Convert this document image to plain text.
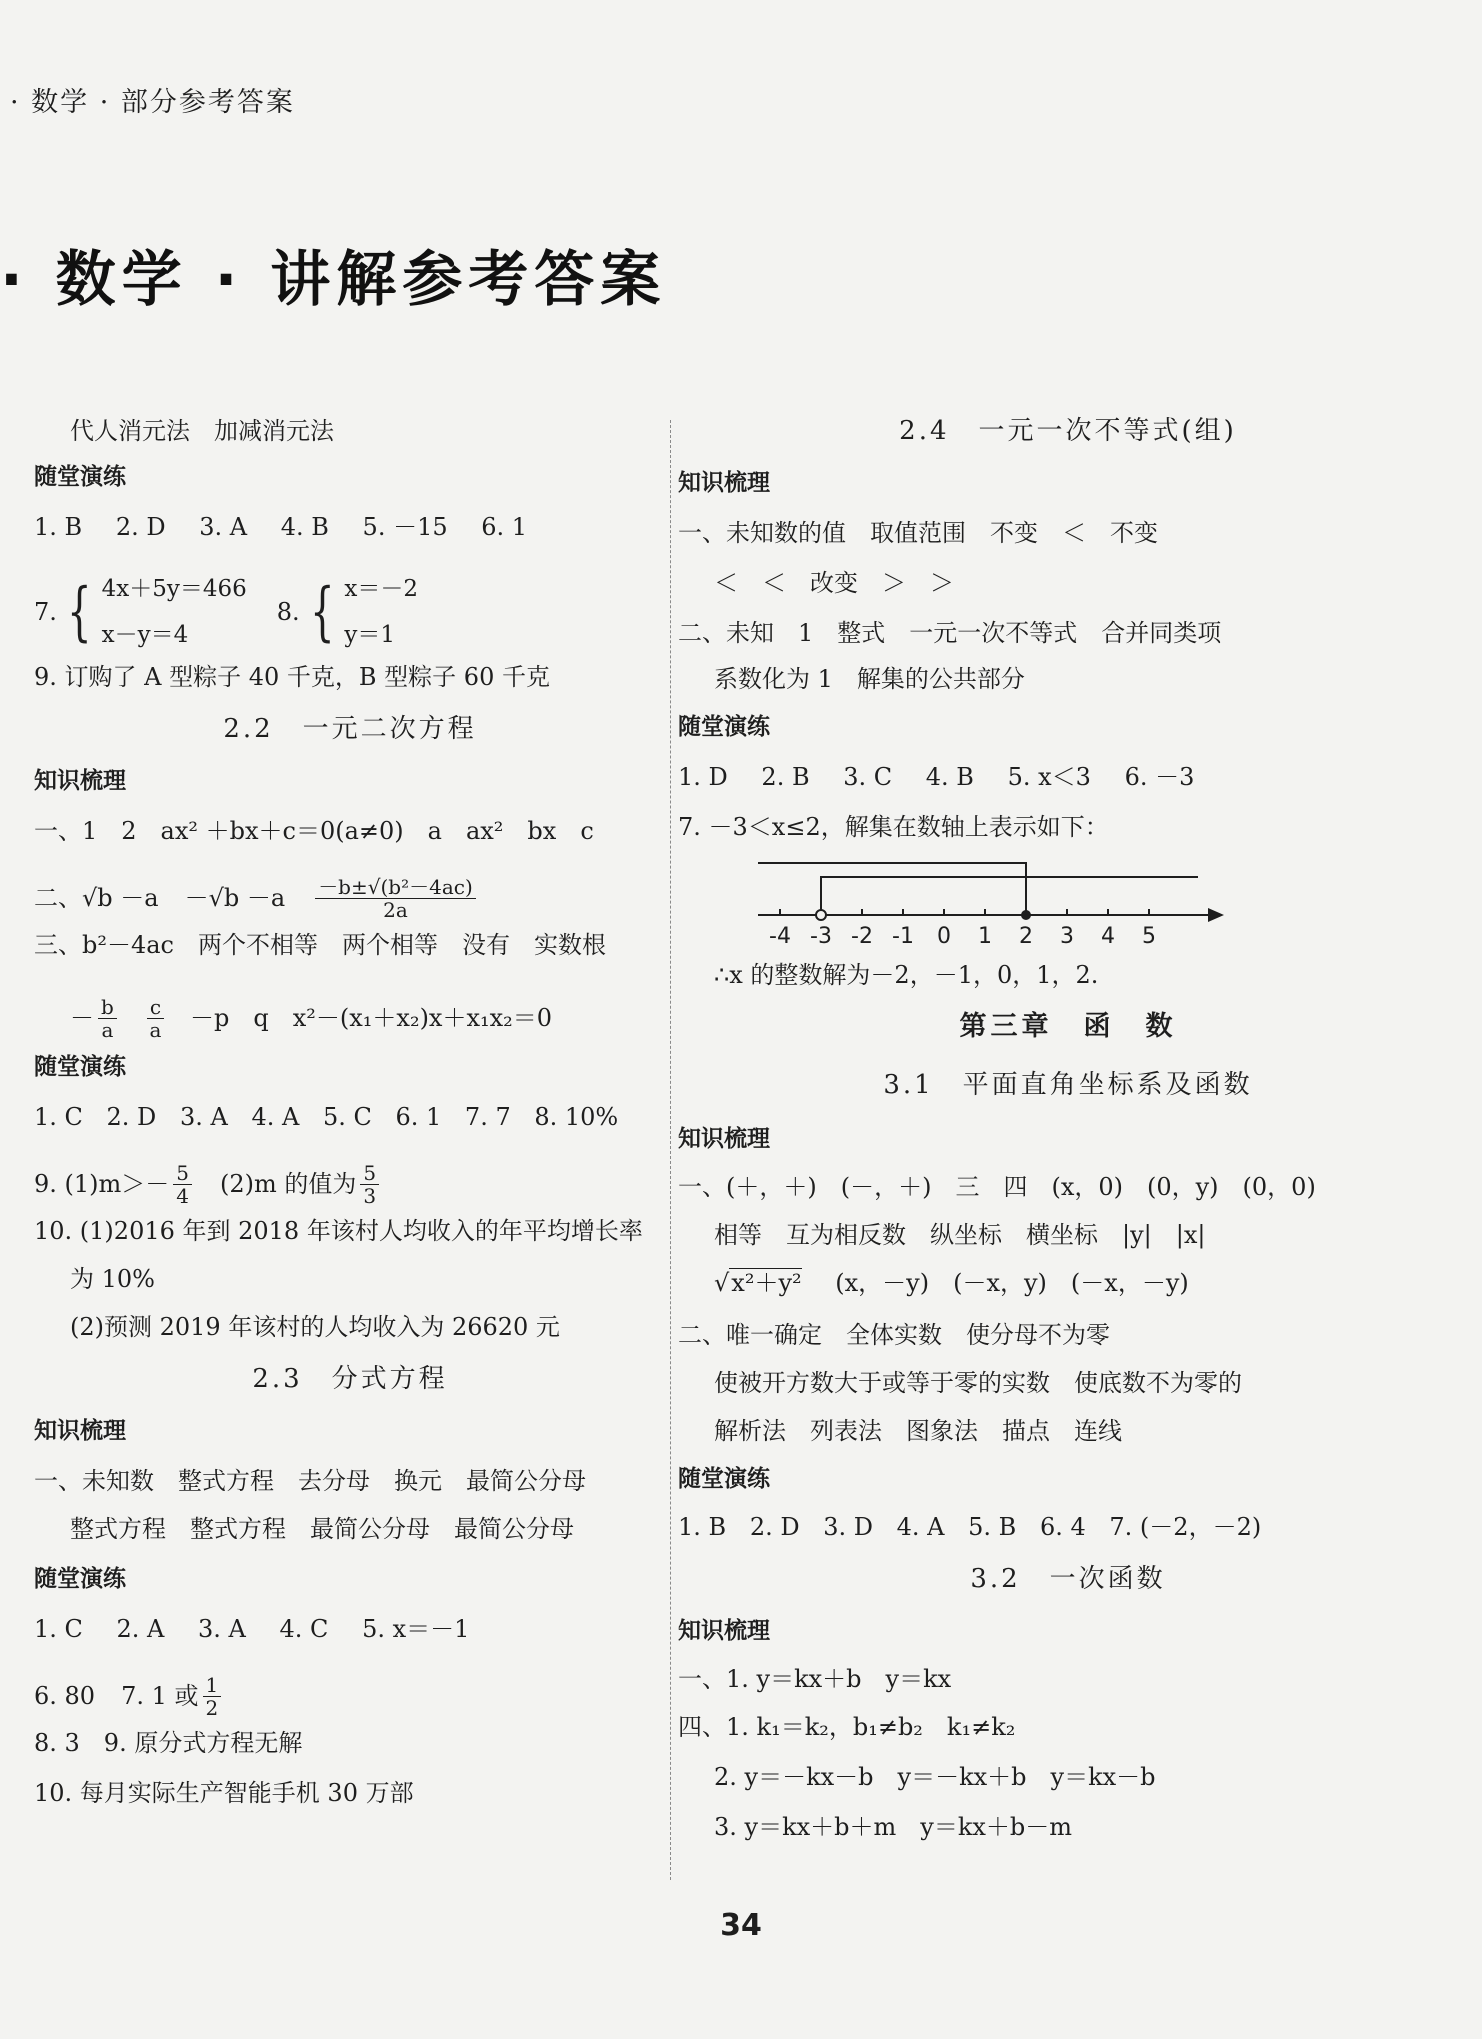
· 数学 · 部分参考答案
· 数学 · 讲解参考答案
代人消元法　加减消元法
随堂演练
1. B 2. D 3. A 4. B 5. －15 6. 1
7. { 4x＋5y＝466
x－y＝4
8. { x＝－2
y＝1
9. 订购了 A 型粽子 40 千克，B 型粽子 60 千克
2.2　一元二次方程
知识梳理
一、1　2　ax² ＋bx＋c＝0(a≠0)　a　ax²　bx　c
二、 $√b -a -√b -a \frac{\text{－b±√(b²－4ac)}}{2a}$
三、b²－4ac　两个不相等　两个相等　没有　实数根
－ $\frac{b}{a} \frac{c}{a} -p$　q　x²－(x₁＋x₂)x＋x₁x₂＝0
随堂演练
1. C 2. D 3. A 4. A 5. C 6. 1 7. 7 8. 10%
9. $(1)m>- \frac{5}{4} (2)m$ 的值为 $\frac{5}{3}$
10. (1)2016 年到 2018 年该村人均收入的年平均增长率
为 10%
(2)预测 2019 年该村的人均收入为 26620 元
2.3　分式方程
知识梳理
一、未知数　整式方程　去分母　换元　最简公分母
整式方程　整式方程　最简公分母　最简公分母
随堂演练
1. C 2. A 3. A 4. C 5. x＝－1
6. 80 7. 1 或 $\frac{1}{2}$
8. 3　9. 原分式方程无解
10. 每月实际生产智能手机 30 万部
2.4　一元一次不等式(组)
知识梳理
一、未知数的值　取值范围　不变　＜　不变
＜　＜　改变　＞　＞
二、未知　1　整式　一元一次不等式　合并同类项
系数化为 1　解集的公共部分
随堂演练
1. D 2. B 3. C 4. B 5. x＜3 6. －3
7. －3＜x≤2，解集在数轴上表示如下：
-4 -3 -2 -1 0 1 2 3 4 5
∴x 的整数解为－2，－1，0，1，2.
第三章　函　数
3.1　平面直角坐标系及函数
知识梳理
一、(＋，＋)　(－，＋)　三　四　(x，0)　(0，y)　(0，0)
相等　互为相反数　纵坐标　横坐标　|y|　|x|
√x²＋y² (x，－y)　(－x，y)　(－x，－y)
二、唯一确定　全体实数　使分母不为零
使被开方数大于或等于零的实数　使底数不为零的
解析法　列表法　图象法　描点　连线
随堂演练
1. B 2. D 3. D 4. A 5. B 6. 4 7. (－2，－2)
3.2　一次函数
知识梳理
一、1. y＝kx＋b　y＝kx
四、1. k₁＝k₂，b₁≠b₂　k₁≠k₂
2. y＝－kx－b　y＝－kx＋b　y＝kx－b
3. y＝kx＋b＋m　y＝kx＋b－m
34
